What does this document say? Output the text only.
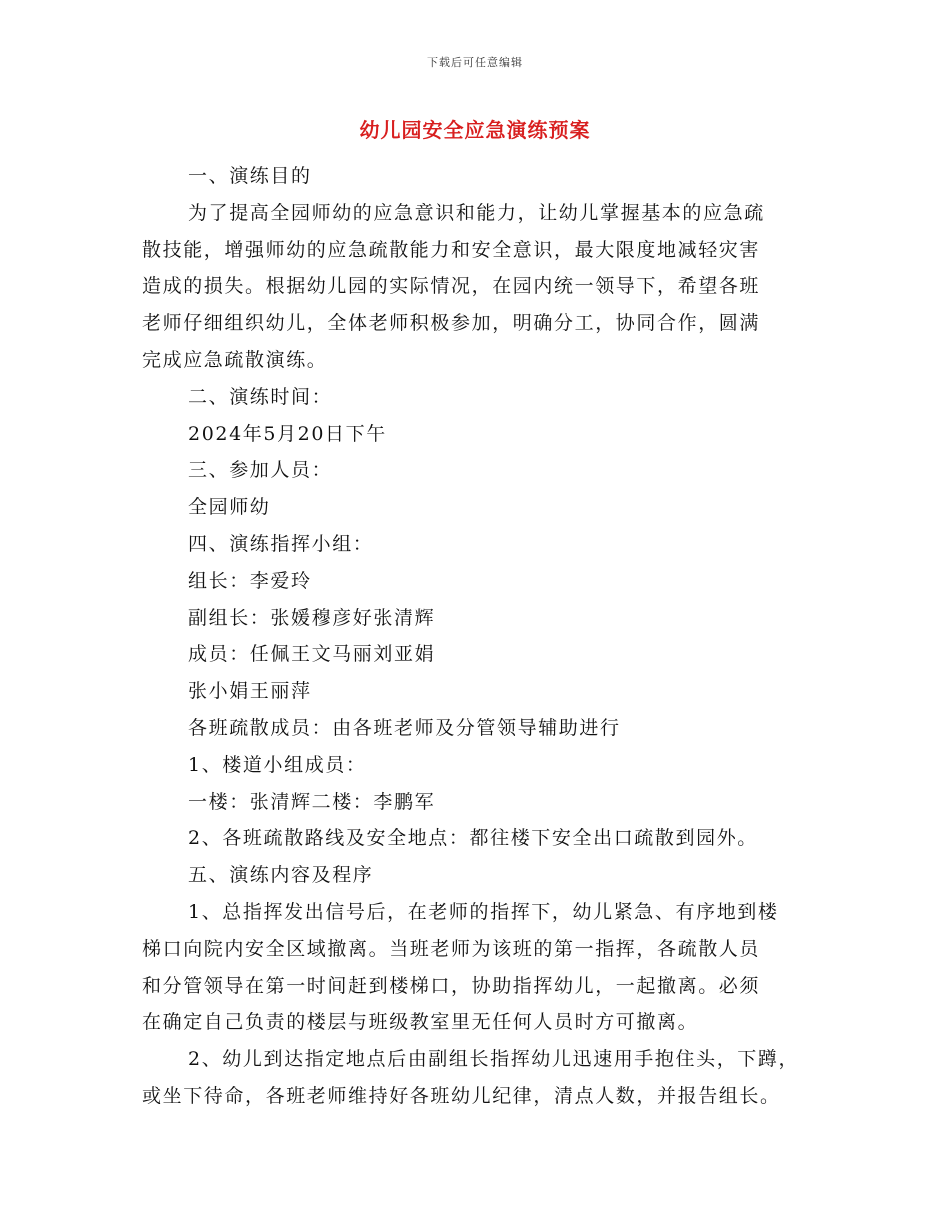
下载后可任意编辑
幼儿园安全应急演练预案
一、演练目的
为了提高全园师幼的应急意识和能力，让幼儿掌握基本的应急疏
散技能，增强师幼的应急疏散能力和安全意识，最大限度地减轻灾害
造成的损失。根据幼儿园的实际情况，在园内统一领导下，希望各班
老师仔细组织幼儿，全体老师积极参加，明确分工，协同合作，圆满
完成应急疏散演练。
二、演练时间：
2024年5月20日下午
三、参加人员：
全园师幼
四、演练指挥小组：
组长：李爱玲
副组长：张媛穆彦好张清辉
成员：任佩王文马丽刘亚娟
张小娟王丽萍
各班疏散成员：由各班老师及分管领导辅助进行
1、楼道小组成员：
一楼：张清辉二楼：李鹏军
2、各班疏散路线及安全地点：都往楼下安全出口疏散到园外。
五、演练内容及程序
1、总指挥发出信号后，在老师的指挥下，幼儿紧急、有序地到楼
梯口向院内安全区域撤离。当班老师为该班的第一指挥，各疏散人员
和分管领导在第一时间赶到楼梯口，协助指挥幼儿，一起撤离。必须
在确定自己负责的楼层与班级教室里无任何人员时方可撤离。
2、幼儿到达指定地点后由副组长指挥幼儿迅速用手抱住头，下蹲，
或坐下待命，各班老师维持好各班幼儿纪律，清点人数，并报告组长。
